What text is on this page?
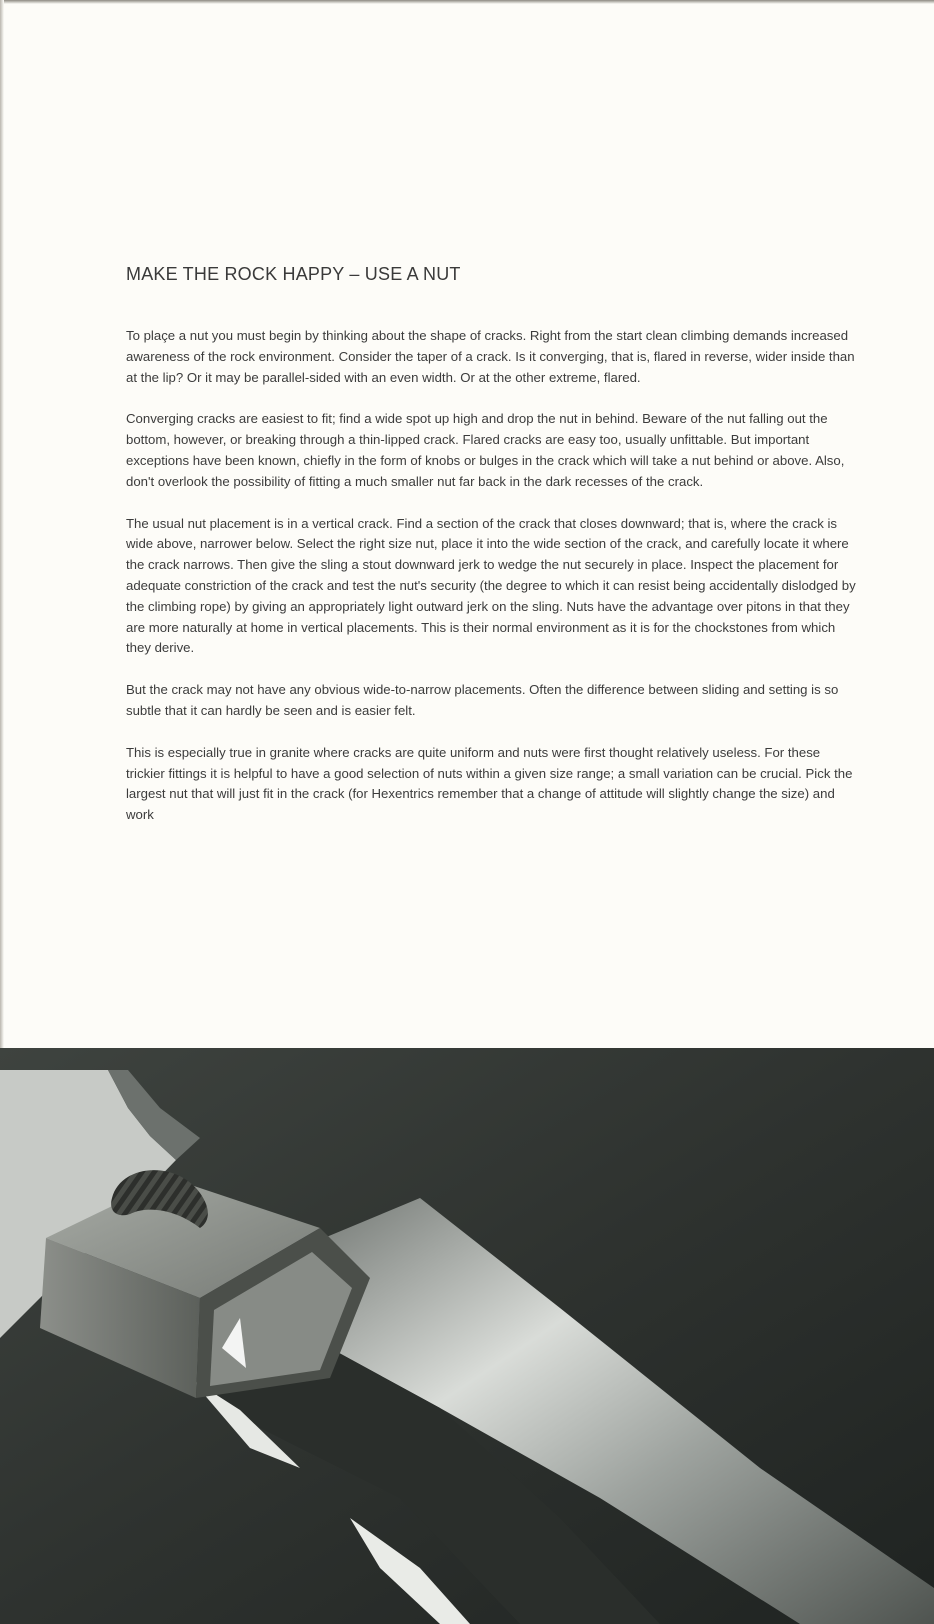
MAKE THE ROCK HAPPY – USE A NUT

To plaçe a nut you must begin by thinking about the shape of cracks. Right from the start clean climbing demands increased awareness of the rock environment. Consider the taper of a crack. Is it converging, that is, flared in reverse, wider inside than at the lip? Or it may be parallel-sided with an even width. Or at the other extreme, flared.

Converging cracks are easiest to fit; find a wide spot up high and drop the nut in behind. Beware of the nut falling out the bottom, however, or breaking through a thin-lipped crack. Flared cracks are easy too, usually unfittable. But important exceptions have been known, chiefly in the form of knobs or bulges in the crack which will take a nut behind or above. Also, don't overlook the possibility of fitting a much smaller nut far back in the dark recesses of the crack.

The usual nut placement is in a vertical crack. Find a section of the crack that closes downward; that is, where the crack is wide above, narrower below. Select the right size nut, place it into the wide section of the crack, and carefully locate it where the crack narrows. Then give the sling a stout downward jerk to wedge the nut securely in place. Inspect the placement for adequate constriction of the crack and test the nut's security (the degree to which it can resist being accidentally dislodged by the climbing rope) by giving an appropriately light outward jerk on the sling. Nuts have the advantage over pitons in that they are more naturally at home in vertical placements. This is their normal environment as it is for the chockstones from which they derive.

But the crack may not have any obvious wide-to-narrow placements. Often the difference between sliding and setting is so subtle that it can hardly be seen and is easier felt.

This is especially true in granite where cracks are quite uniform and nuts were first thought relatively useless. For these trickier fittings it is helpful to have a good selection of nuts within a given size range; a small variation can be crucial. Pick the largest nut that will just fit in the crack (for Hexentrics remember that a change of attitude will slightly change the size) and work
